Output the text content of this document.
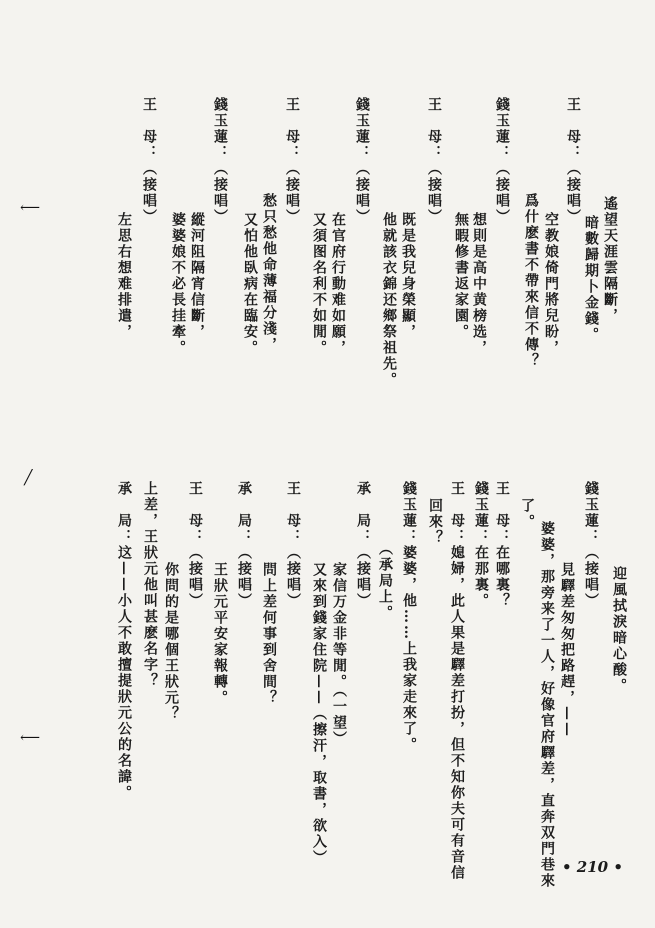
遙望天涯雲隔斷，
暗數歸期卜金錢。
王　母：（接唱）
空教娘倚門將兒盼，
爲什麽書不帶來信不傳？
錢玉蓮：（接唱）
想則是高中黄榜选，
無暇修書返家園。
王　母：（接唱）
既是我兒身榮顯，
他就該衣錦还鄉祭祖先。
錢玉蓮：（接唱）
在官府行動难如願，
又須图名利不如閒。
王　母：（接唱）
愁只愁他命薄福分淺，
又怕他臥病在臨安。
錢玉蓮：（接唱）
縱河阻隔宵信斷，
婆婆娘不必長挂牽。
王　母：（接唱）
左思右想难排遣，
迎風拭淚暗心酸。
錢玉蓮：（接唱）
見驛差匆匆把路趕，——
婆婆，那旁来了一人，好像官府驛差，直奔双門巷來
了。
王　母：在哪裏？
錢玉蓮：在那裏。
王　母：媳婦，此人果是驛差打扮，但不知你夫可有音信
回來？
錢玉蓮：婆婆，他……上我家走來了。
（承局上。
承　局：（接唱）
家信万金非等閒。（一望）
又來到錢家住院——（擦汗，取書，欲入）
王　母：（接唱）
問上差何事到舍間？
承　局：（接唱）
王狀元平安家報轉。
王　母：（接唱）
你問的是哪個王狀元？
上差，王狀元他叫甚麽名字？
承　局：这——小人不敢擅提狀元公的名諱。
⟵
╱
⟵
• 210 •
